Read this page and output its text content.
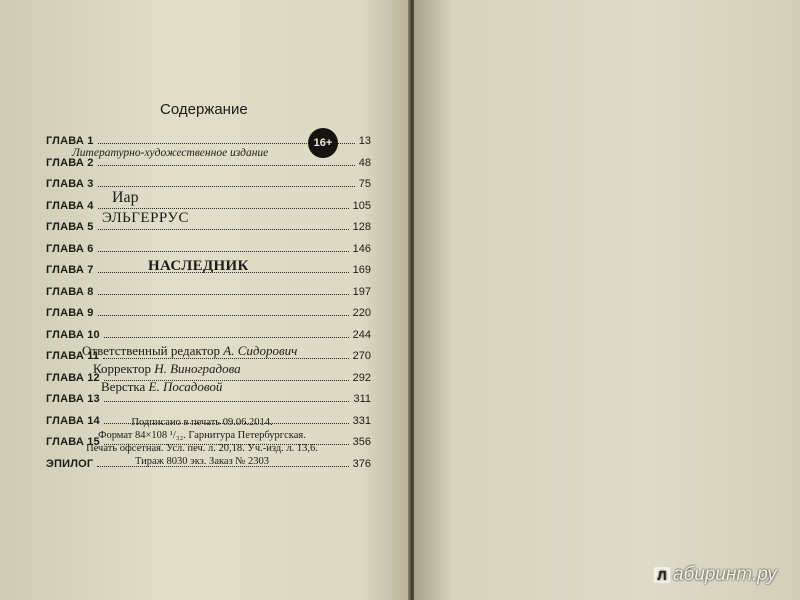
Содержание
ГЛАВА 1	13
ГЛАВА 2	48
ГЛАВА 3	75
ГЛАВА 4	105
ГЛАВА 5	128
ГЛАВА 6	146
ГЛАВА 7	169
ГЛАВА 8	197
ГЛАВА 9	220
ГЛАВА 10	244
ГЛАВА 11	270
ГЛАВА 12	292
ГЛАВА 13	311
ГЛАВА 14	331
ГЛАВА 15	356
ЭПИЛОГ	376
Литературно-художественное издание
16+
Иар
ЭЛЬГЕРРУС
НАСЛЕДНИК
Ответственный редактор А. Сидорович
Корректор Н. Виноградова
Верстка Е. Посадовой
Подписано в печать 09.06.2014.
Формат 84×108 ¹/₃₂. Гарнитура Петербургская.
Печать офсетная. Усл. печ. л. 20,18. Уч.-изд. л. 13,6.
Тираж 8030 экз. Заказ № 2303
Л абиринт.ру
